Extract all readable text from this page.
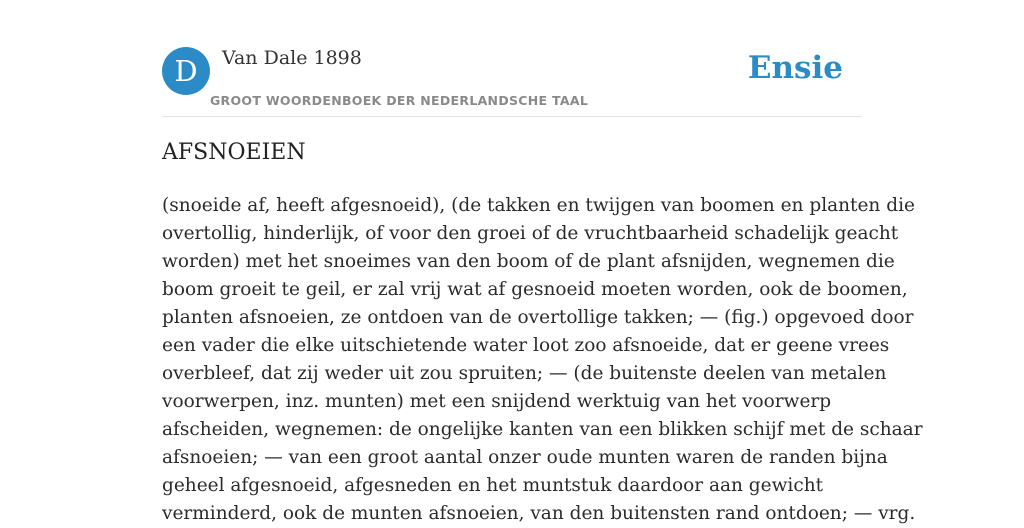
D	Van Dale 1898
GROOT WOORDENBOEK DER NEDERLANDSCHE TAAL
Ensie
AFSNOEIEN
(snoeide af, heeft afgesnoeid), (de takken en twijgen van boomen en planten die
overtollig, hinderlijk, of voor den groei of de vruchtbaarheid schadelijk geacht
worden) met het snoeimes van den boom of de plant afsnijden, wegnemen die
boom groeit te geil, er zal vrij wat af gesnoeid moeten worden, ook de boomen,
planten afsnoeien, ze ontdoen van de overtollige takken; — (fig.) opgevoed door
een vader die elke uitschietende water loot zoo afsnoeide, dat er geene vrees
overbleef, dat zij weder uit zou spruiten; — (de buitenste deelen van metalen
voorwerpen, inz. munten) met een snijdend werktuig van het voorwerp
afscheiden, wegnemen: de ongelijke kanten van een blikken schijf met de schaar
afsnoeien; — van een groot aantal onzer oude munten waren de randen bijna
geheel afgesnoeid, afgesneden en het muntstuk daardoor aan gewicht
verminderd, ook de munten afsnoeien, van den buitensten rand ontdoen; — vrg.
